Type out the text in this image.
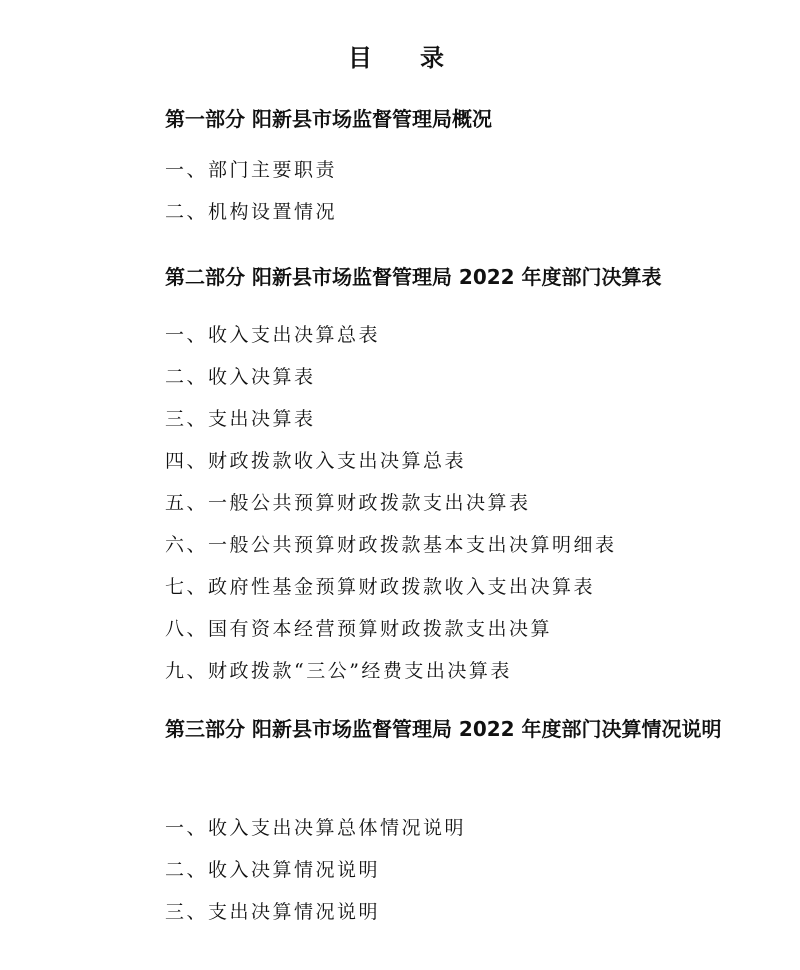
目录
第一部分 阳新县市场监督管理局概况
一、部门主要职责
二、机构设置情况
第二部分 阳新县市场监督管理局 2022 年度部门决算表
一、收入支出决算总表
二、收入决算表
三、支出决算表
四、财政拨款收入支出决算总表
五、一般公共预算财政拨款支出决算表
六、一般公共预算财政拨款基本支出决算明细表
七、政府性基金预算财政拨款收入支出决算表
八、国有资本经营预算财政拨款支出决算
九、财政拨款“三公”经费支出决算表
第三部分 阳新县市场监督管理局 2022 年度部门决算情况说明
一、收入支出决算总体情况说明
二、收入决算情况说明
三、支出决算情况说明
